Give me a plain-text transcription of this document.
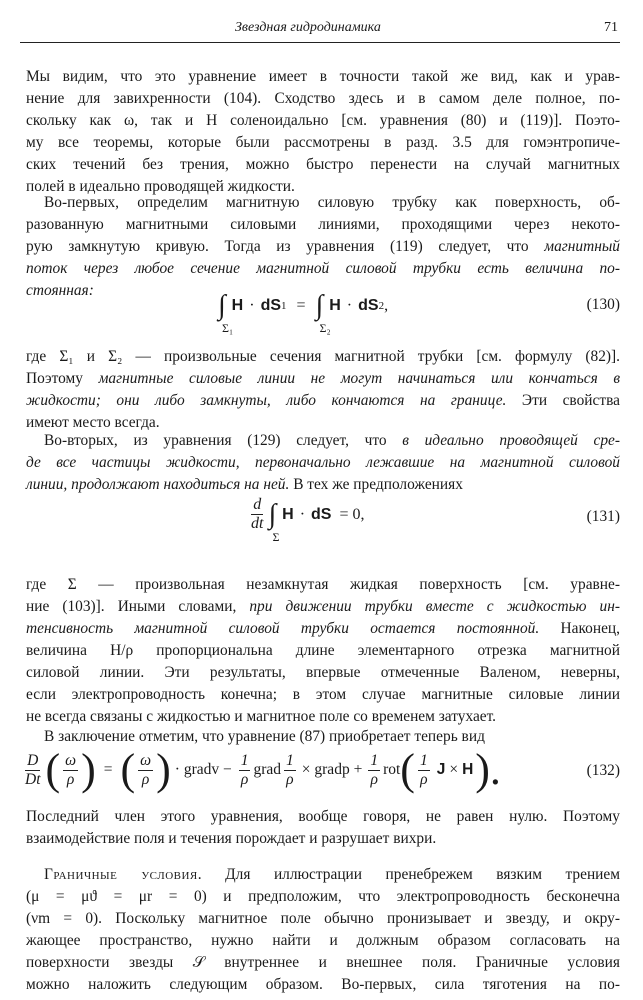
Звездная гидродинамика	71
Мы видим, что это уравнение имеет в точности такой же вид, как и урав-
нение для завихренности (104). Сходство здесь и в самом деле полное, по-
скольку как ω, так и H соленоидально [см. уравнения (80) и (119)]. Поэто-
му все теоремы, которые были рассмотрены в разд. 3.5 для гомэнтропиче-
ских течений без трения, можно быстро перенести на случай магнитных
полей в идеально проводящей жидкости.
Во-первых, определим магнитную силовую трубку как поверхность, об-
разованную магнитными силовыми линиями, проходящими через некото-
рую замкнутую кривую. Тогда из уравнения (119) следует, что магнитный
поток через любое сечение магнитной силовой трубки есть величина по-
стоянная:	∫
Σ₁
H · dS 1 = ∫
Σ₂
H · dS 2 ,	(130)
где Σ₁ и Σ₂ — произвольные сечения магнитной трубки [см. формулу (82)].
Поэтому магнитные силовые линии не могут начинаться или кончаться в
жидкости; они либо замкнуты, либо кончаются на границе. Эти свойства
имеют место всегда.
Во-вторых, из уравнения (129) следует, что в идеально проводящей сре-
де все частицы жидкости, первоначально лежавшие на магнитной силовой
линии, продолжают находиться на ней. В тех же предположениях
$\frac{d}{dt}$ ∫
Σ
H · dS = 0,	(131)
где Σ — произвольная незамкнутая жидкая поверхность [см. уравне-
ние (103)]. Иными словами, при движении трубки вместе с жидкостью ин-
тенсивность магнитной силовой трубки остается постоянной. Наконец,
величина H/ρ пропорциональна длине элементарного отрезка магнитной
силовой линии. Эти результаты, впервые отмеченные Валеном, неверны,
если электропроводность конечна; в этом случае магнитные силовые линии
не всегда связаны с жидкостью и магнитное поле со временем затухает.
В заключение отметим, что уравнение (87) приобретает теперь вид
$\frac{D}{Dt}$ ( $\frac{\omega}{\rho}$ ) = ( $\frac{\omega}{\rho}$ ) · gradv − $\frac{1}{\rho}$ grad $\frac{1}{\rho}$ × gradp + $\frac{1}{\rho}$ rot ( $\frac{1}{\rho}$ J × H ).	(132)
Последний член этого уравнения, вообще говоря, не равен нулю. Поэтому
взаимодействие поля и течения порождает и разрушает вихри.
Граничные условия. Для иллюстрации пренебрежем вязким трением
(μ = μϑ = μr = 0) и предположим, что электропроводность бесконечна
(νm = 0). Поскольку магнитное поле обычно пронизывает и звезду, и окру-
жающее пространство, нужно найти и должным образом согласовать на
поверхности звезды 𝒮 внутреннее и внешнее поля. Граничные условия
можно наложить следующим образом. Во-первых, сила тяготения на по-
